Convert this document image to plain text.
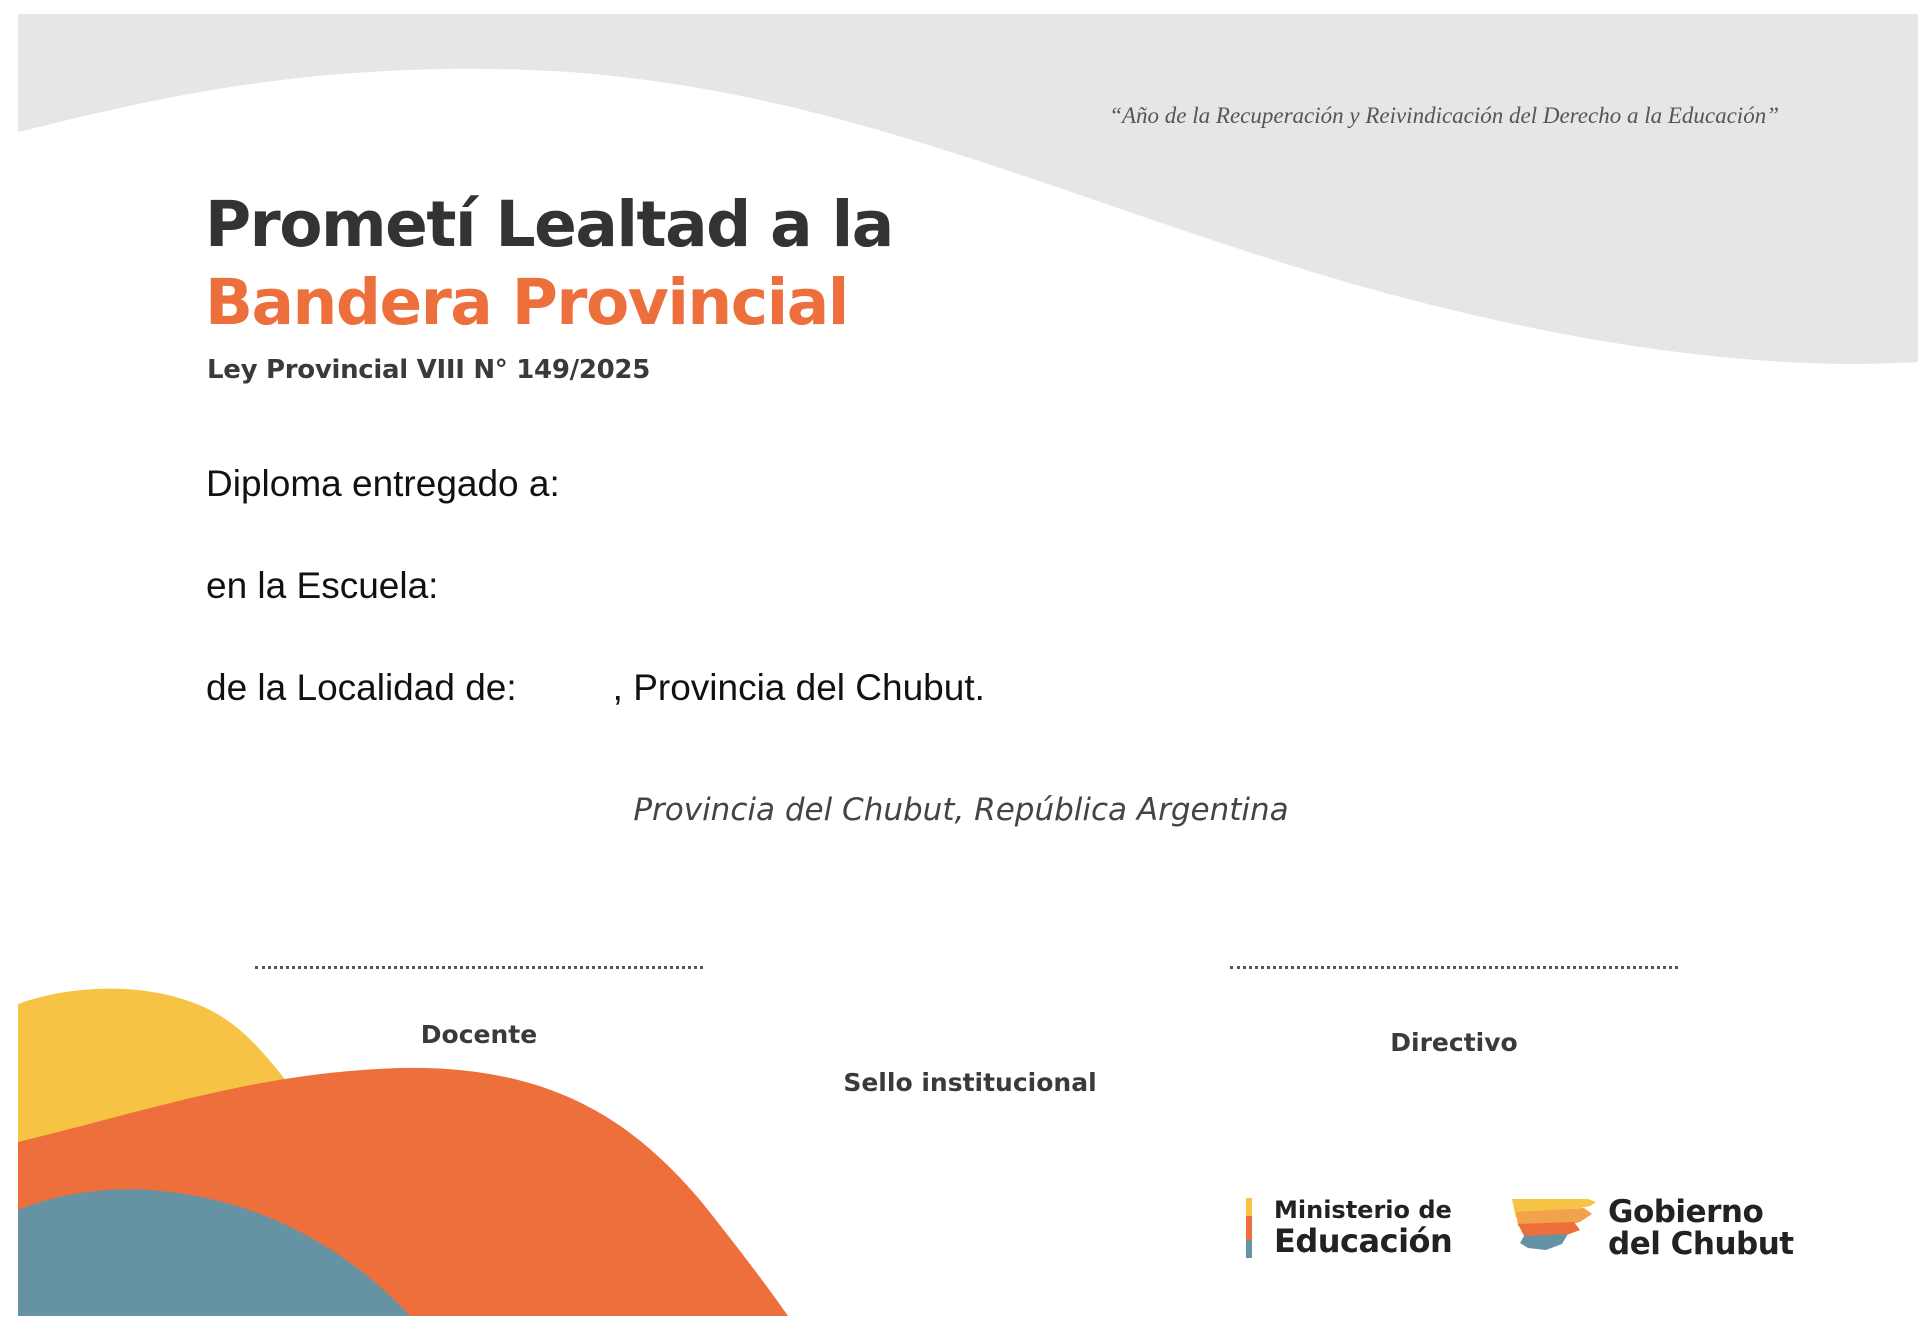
“Año de la Recuperación y Reivindicación del Derecho a la Educación”
Prometí Lealtad a la
Bandera Provincial
Ley Provincial VIII N° 149/2025
Diploma entregado a:
en la Escuela:
de la Localidad de:	, Provincia del Chubut.
Provincia del Chubut, República Argentina
Docente	Directivo
Sello institucional
Ministerio de
Educación
Gobierno
del Chubut
